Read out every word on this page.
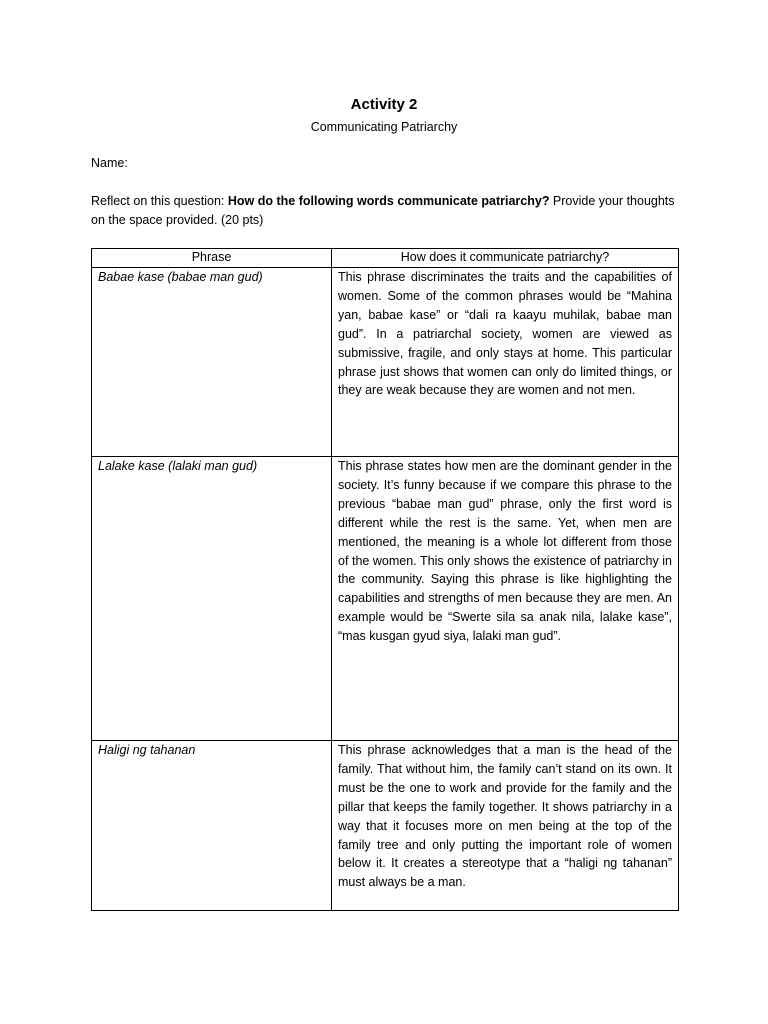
Activity 2
Communicating Patriarchy
Name:
Reflect on this question: How do the following words communicate patriarchy? Provide your thoughts on the space provided. (20 pts)
Phrase	How does it communicate patriarchy?
Babae kase (babae man gud)	This phrase discriminates the traits and the capabilities of women. Some of the common phrases would be “Mahina yan, babae kase” or “dali ra kaayu muhilak, babae man gud”. In a patriarchal society, women are viewed as submissive, fragile, and only stays at home. This particular phrase just shows that women can only do limited things, or they are weak because they are women and not men.
Lalake kase (lalaki man gud)	This phrase states how men are the dominant gender in the society. It’s funny because if we compare this phrase to the previous “babae man gud” phrase, only the first word is different while the rest is the same. Yet, when men are mentioned, the meaning is a whole lot different from those of the women. This only shows the existence of patriarchy in the community. Saying this phrase is like highlighting the capabilities and strengths of men because they are men. An example would be “Swerte sila sa anak nila, lalake kase”, “mas kusgan gyud siya, lalaki man gud”.
Haligi ng tahanan	This phrase acknowledges that a man is the head of the family. That without him, the family can’t stand on its own. It must be the one to work and provide for the family and the pillar that keeps the family together. It shows patriarchy in a way that it focuses more on men being at the top of the family tree and only putting the important role of women below it. It creates a stereotype that a “haligi ng tahanan” must always be a man.
